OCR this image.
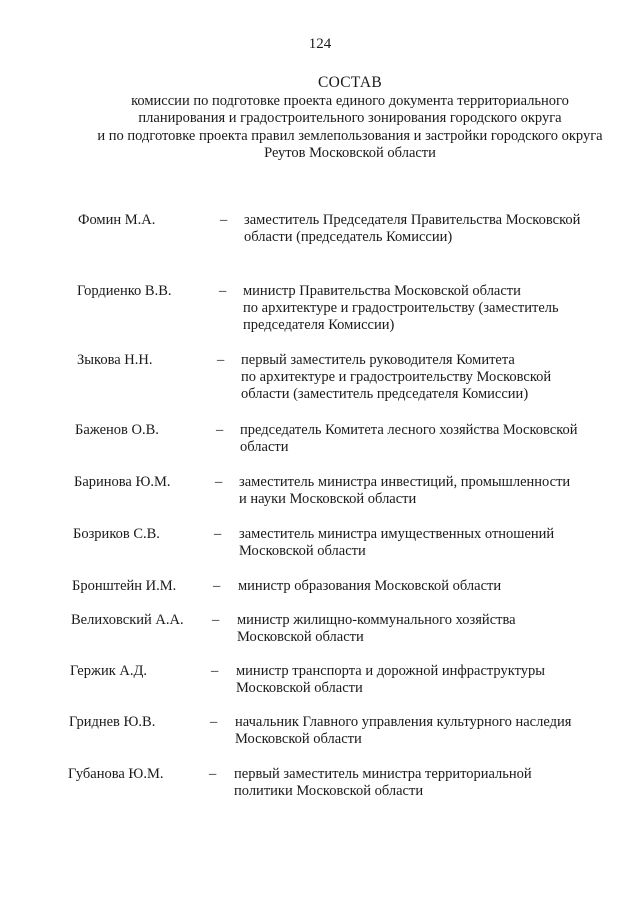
124
СОСТАВ
комиссии по подготовке проекта единого документа территориального
планирования и градостроительного зонирования городского округа
и по подготовке проекта правил землепользования и застройки городского округа
Реутов Московской области
Фомин М.А.	– заместитель Председателя Правительства Московской
области (председатель Комиссии)
Гордиенко В.В.	– министр Правительства Московской области
по архитектуре и градостроительству (заместитель
председателя Комиссии)
Зыкова Н.Н.	– первый заместитель руководителя Комитета
по архитектуре и градостроительству Московской
области (заместитель председателя Комиссии)
Баженов О.В.	– председатель Комитета лесного хозяйства Московской
области
Баринова Ю.М.	– заместитель министра инвестиций, промышленности
и науки Московской области
Бозриков С.В.	– заместитель министра имущественных отношений
Московской области
Бронштейн И.М.	– министр образования Московской области
Велиховский А.А. – министр жилищно-коммунального хозяйства
Московской области
Гержик А.Д.	– министр транспорта и дорожной инфраструктуры
Московской области
Гриднев Ю.В.	– начальник Главного управления культурного наследия
Московской области
Губанова Ю.М.	– первый заместитель министра территориальной
политики Московской области
